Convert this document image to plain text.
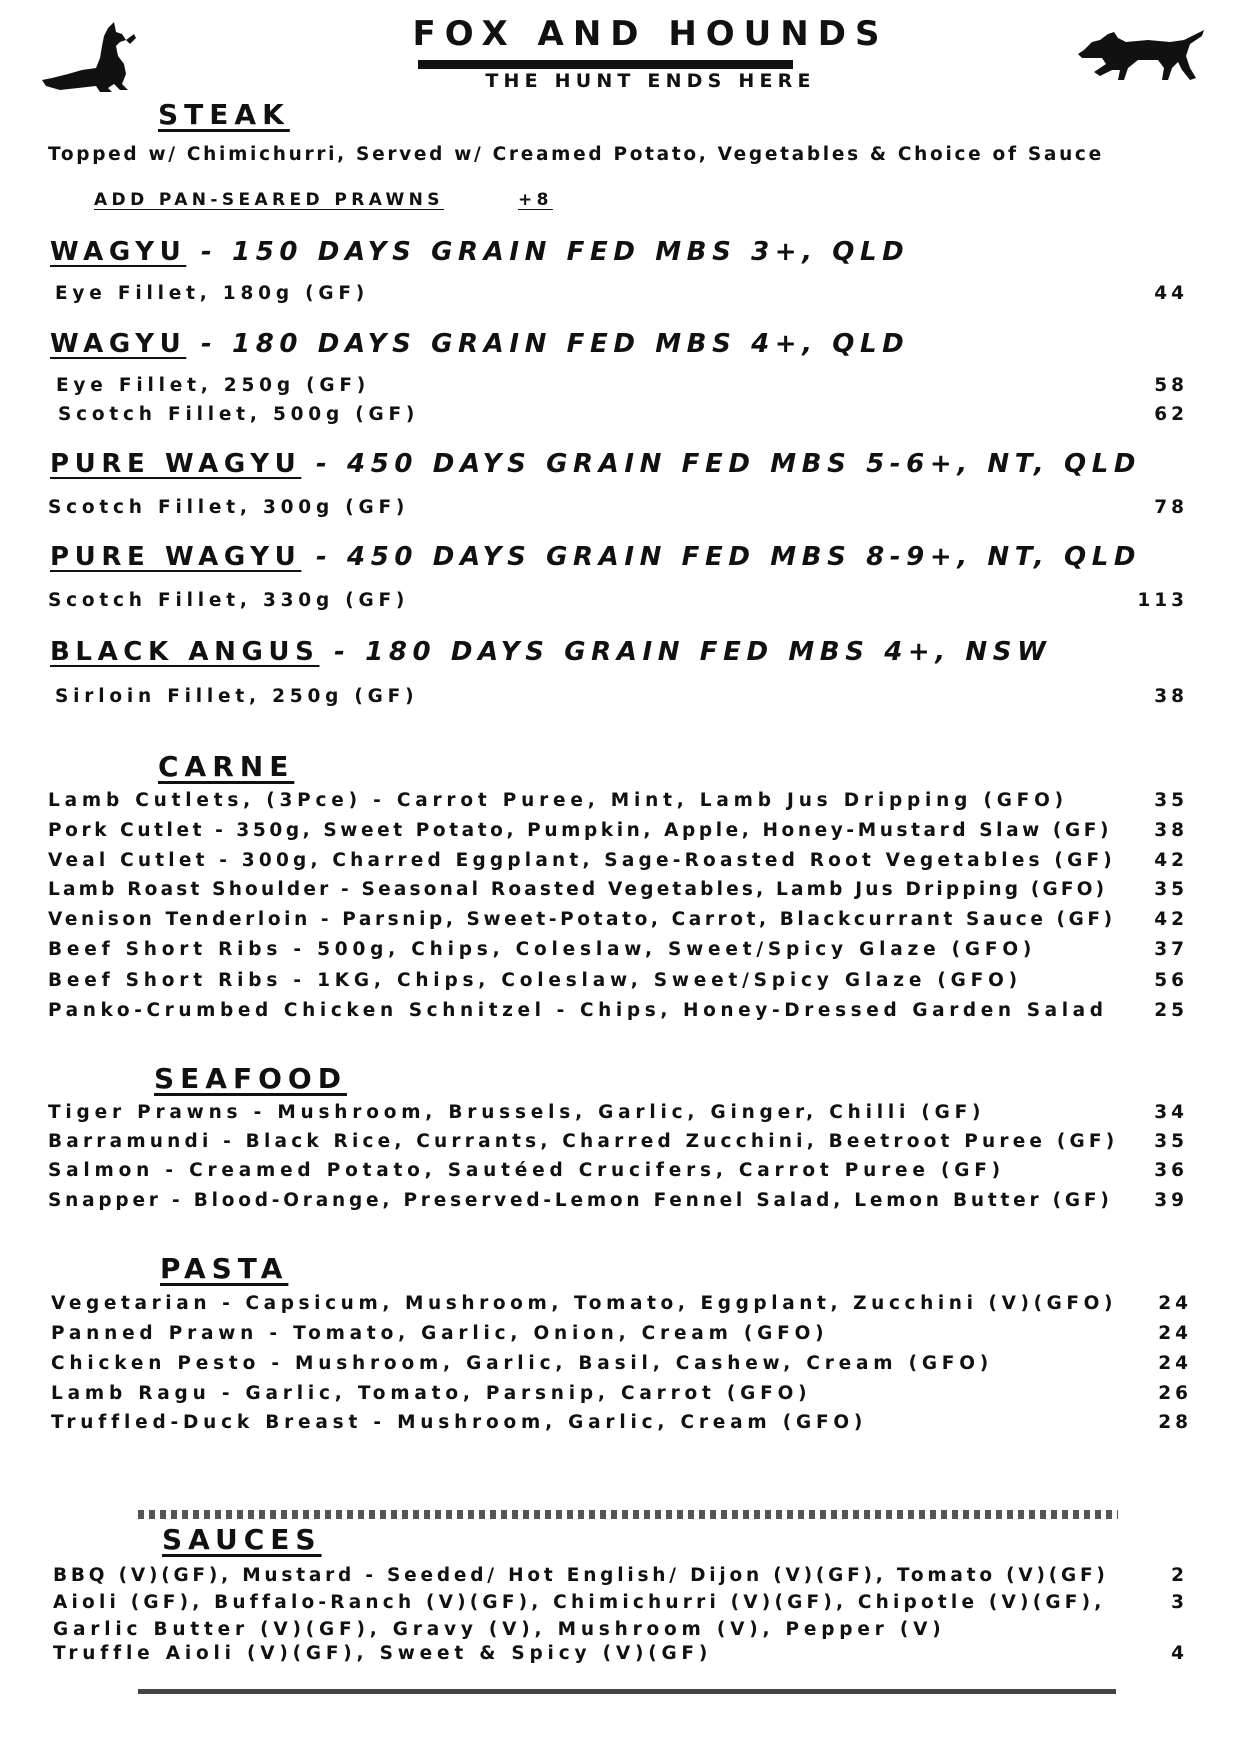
FOX AND HOUNDS
THE HUNT ENDS HERE
STEAK
Topped w/ Chimichurri, Served w/ Creamed Potato, Vegetables & Choice of Sauce
ADD PAN-SEARED PRAWNS	+8
WAGYU - 150 DAYS GRAIN FED MBS 3+, QLD
Eye Fillet, 180g (GF)	44
WAGYU - 180 DAYS GRAIN FED MBS 4+, QLD
Eye Fillet, 250g (GF)	58
Scotch Fillet, 500g (GF)	62
PURE WAGYU - 450 DAYS GRAIN FED MBS 5-6+, NT, QLD
Scotch Fillet, 300g (GF)	78
PURE WAGYU - 450 DAYS GRAIN FED MBS 8-9+, NT, QLD
Scotch Fillet, 330g (GF)	113
BLACK ANGUS - 180 DAYS GRAIN FED MBS 4+, NSW
Sirloin Fillet, 250g (GF)	38
CARNE
Lamb Cutlets, (3Pce) - Carrot Puree, Mint, Lamb Jus Dripping (GFO)	35
Pork Cutlet - 350g, Sweet Potato, Pumpkin, Apple, Honey-Mustard Slaw (GF)	38
Veal Cutlet - 300g, Charred Eggplant, Sage-Roasted Root Vegetables (GF)	42
Lamb Roast Shoulder - Seasonal Roasted Vegetables, Lamb Jus Dripping (GFO)	35
Venison Tenderloin - Parsnip, Sweet-Potato, Carrot, Blackcurrant Sauce (GF)	42
Beef Short Ribs - 500g, Chips, Coleslaw, Sweet/Spicy Glaze (GFO)	37
Beef Short Ribs - 1KG, Chips, Coleslaw, Sweet/Spicy Glaze (GFO)	56
Panko-Crumbed Chicken Schnitzel - Chips, Honey-Dressed Garden Salad	25
SEAFOOD
Tiger Prawns - Mushroom, Brussels, Garlic, Ginger, Chilli (GF)	34
Barramundi - Black Rice, Currants, Charred Zucchini, Beetroot Puree (GF)	35
Salmon - Creamed Potato, Sautéed Crucifers, Carrot Puree (GF)	36
Snapper - Blood-Orange, Preserved-Lemon Fennel Salad, Lemon Butter (GF)	39
PASTA
Vegetarian - Capsicum, Mushroom, Tomato, Eggplant, Zucchini (V)(GFO)	24
Panned Prawn - Tomato, Garlic, Onion, Cream (GFO)	24
Chicken Pesto - Mushroom, Garlic, Basil, Cashew, Cream (GFO)	24
Lamb Ragu - Garlic, Tomato, Parsnip, Carrot (GFO)	26
Truffled-Duck Breast - Mushroom, Garlic, Cream (GFO)	28
SAUCES
BBQ (V)(GF), Mustard - Seeded/ Hot English/ Dijon (V)(GF), Tomato (V)(GF)	2
Aioli (GF), Buffalo-Ranch (V)(GF), Chimichurri (V)(GF), Chipotle (V)(GF),	3
Garlic Butter (V)(GF), Gravy (V), Mushroom (V), Pepper (V)
Truffle Aioli (V)(GF), Sweet & Spicy (V)(GF)	4
